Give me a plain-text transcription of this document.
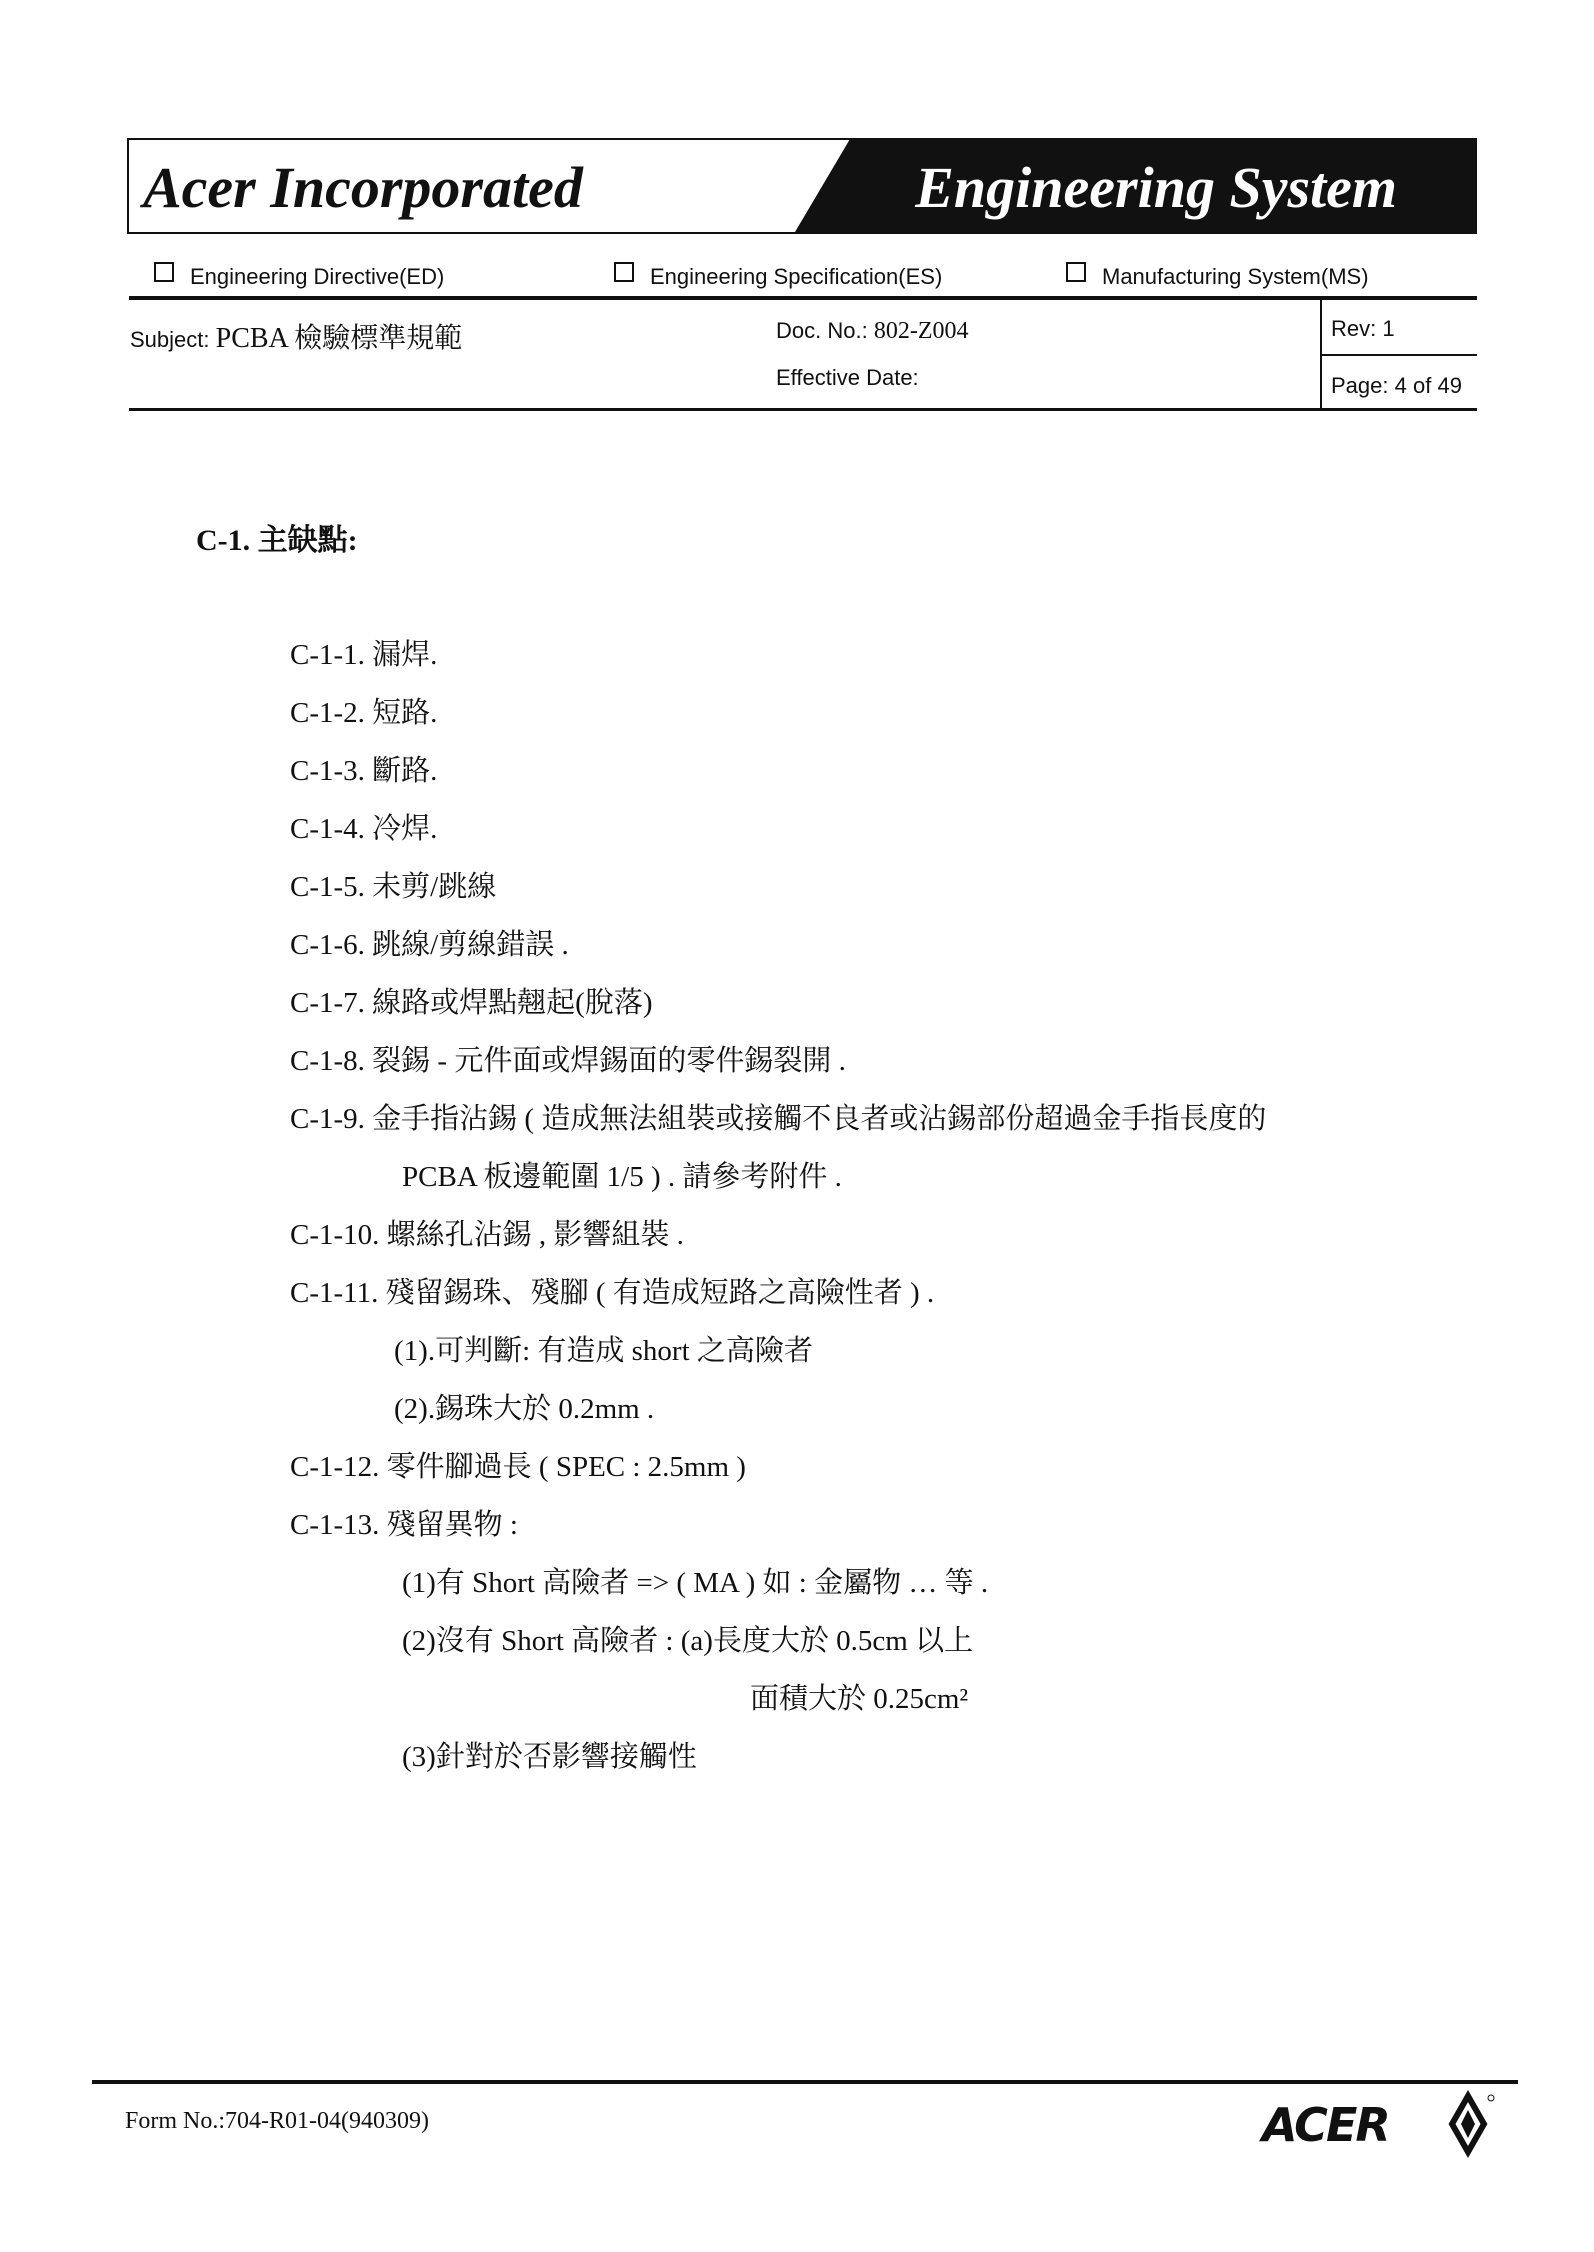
Acer Incorporated	Engineering System
Engineering Directive(ED)	Engineering Specification(ES)	Manufacturing System(MS)
Subject: PCBA 檢驗標準規範	Doc. No.: 802-Z004
Effective Date:
Rev: 1
Page: 4 of 49
C-1. 主缺點:
C-1-1. 漏焊.
C-1-2. 短路.
C-1-3. 斷路.
C-1-4. 冷焊.
C-1-5. 未剪/跳線
C-1-6. 跳線/剪線錯誤 .
C-1-7. 線路或焊點翹起(脫落)
C-1-8. 裂錫 - 元件面或焊錫面的零件錫裂開 .
C-1-9. 金手指沾錫 ( 造成無法組裝或接觸不良者或沾錫部份超過金手指長度的
PCBA 板邊範圍 1/5 ) . 請參考附件 .
C-1-10. 螺絲孔沾錫 , 影響組裝 .
C-1-11. 殘留錫珠、殘腳 ( 有造成短路之高險性者 ) .
(1).可判斷: 有造成 short 之高險者
(2).錫珠大於 0.2mm .
C-1-12. 零件腳過長 ( SPEC : 2.5mm )
C-1-13. 殘留異物 :
(1)有 Short 高險者 => ( MA ) 如 : 金屬物 … 等 .
(2)沒有 Short 高險者 : (a)長度大於 0.5cm 以上
面積大於 0.25cm²
(3)針對於否影響接觸性
Form No.:704-R01-04(940309)	ACER
